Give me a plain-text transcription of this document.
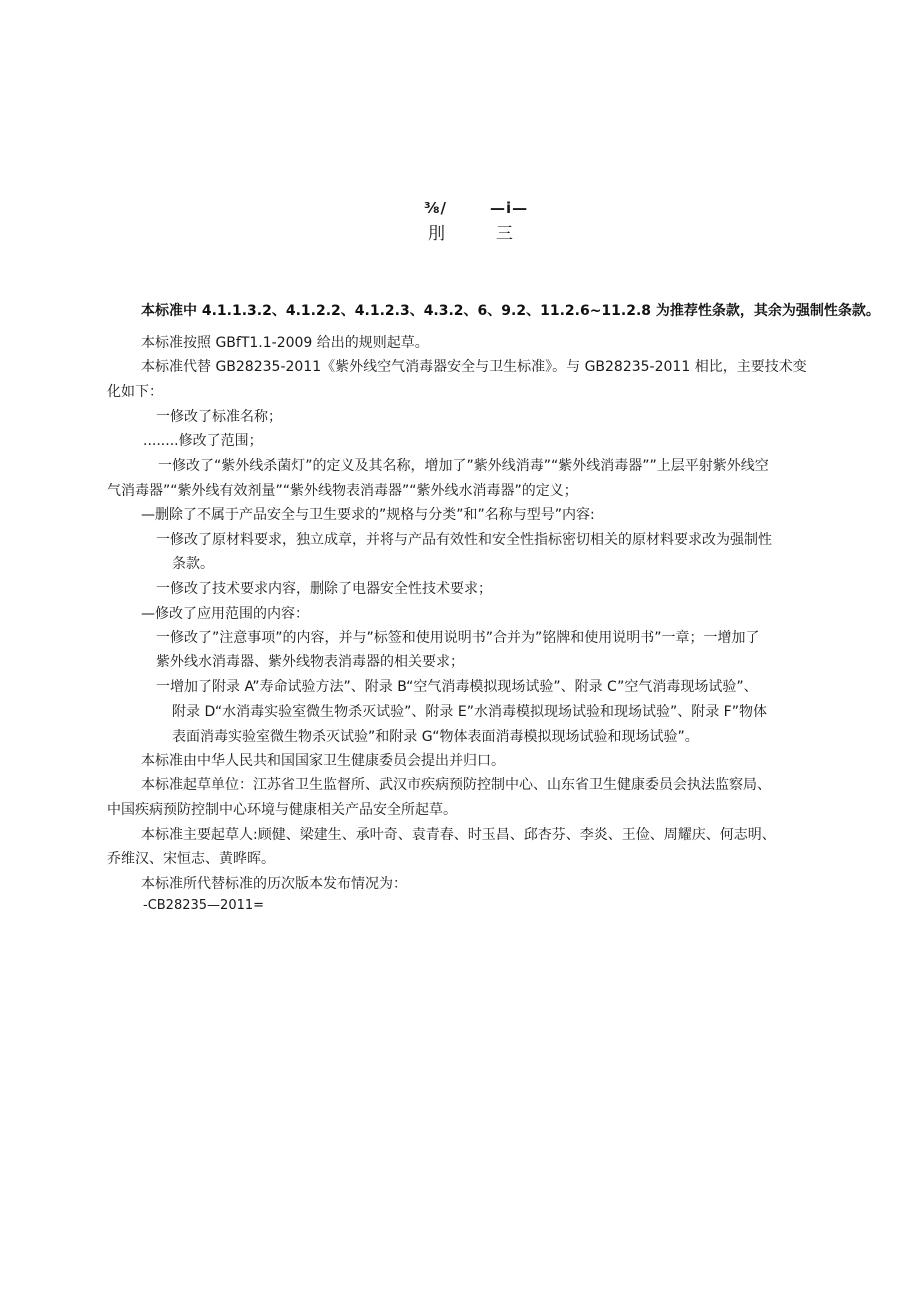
⅜/	—i—
刖	三
本标准中 4.1.1.3.2、4.1.2.2、4.1.2.3、4.3.2、6、9.2、11.2.6~11.2.8 为推荐性条款，其余为强制性条款。
本标准按照 GBfT1.1-2009 给出的规则起草。
本标准代替 GB28235-2011《紫外线空气消毒器安全与卫生标准》。与 GB28235-2011 相比，主要技术变
化如下：
一修改了标准名称；
........修改了范围；
一修改了“紫外线杀菌灯”的定义及其名称，增加了”紫外线消毒”“紫外线消毒器””上层平射紫外线空
气消毒器”“紫外线有效剂量”“紫外线物表消毒器”“紫外线水消毒器”的定义；
—删除了不属于产品安全与卫生要求的”规格与分类”和”名称与型号”内容:
一修改了原材料要求，独立成章，并将与产品有效性和安全性指标密切相关的原材料要求改为强制性
条款。
一修改了技术要求内容，删除了电器安全性技术要求；
—修改了应用范围的内容：
一修改了”注意事项”的内容，并与”标签和使用说明书”合并为”铭牌和使用说明书”一章；一增加了
紫外线水消毒器、紫外线物表消毒器的相关要求；
一增加了附录 A”寿命试验方法”、附录 B“空气消毒模拟现场试验”、附录 C”空气消毒现场试验”、
附录 D“水消毒实验室微生物杀灭试验”、附录 E”水消毒模拟现场试验和现场试验”、附录 F”物体
表面消毒实验室微生物杀灭试验”和附录 G“物体表面消毒模拟现场试验和现场试验”。
本标准由中华人民共和国国家卫生健康委员会提出并归口。
本标准起草单位：江苏省卫生监督所、武汉市疾病预防控制中心、山东省卫生健康委员会执法监察局、
中国疾病预防控制中心环境与健康相关产品安全所起草。
本标准主要起草人:顾健、梁建生、承叶奇、袁青春、时玉昌、邱杏芬、李炎、王俭、周耀庆、何志明、
乔维汉、宋恒志、黄晔晖。
本标准所代替标准的历次版本发布情况为：
-CB28235—2011=
